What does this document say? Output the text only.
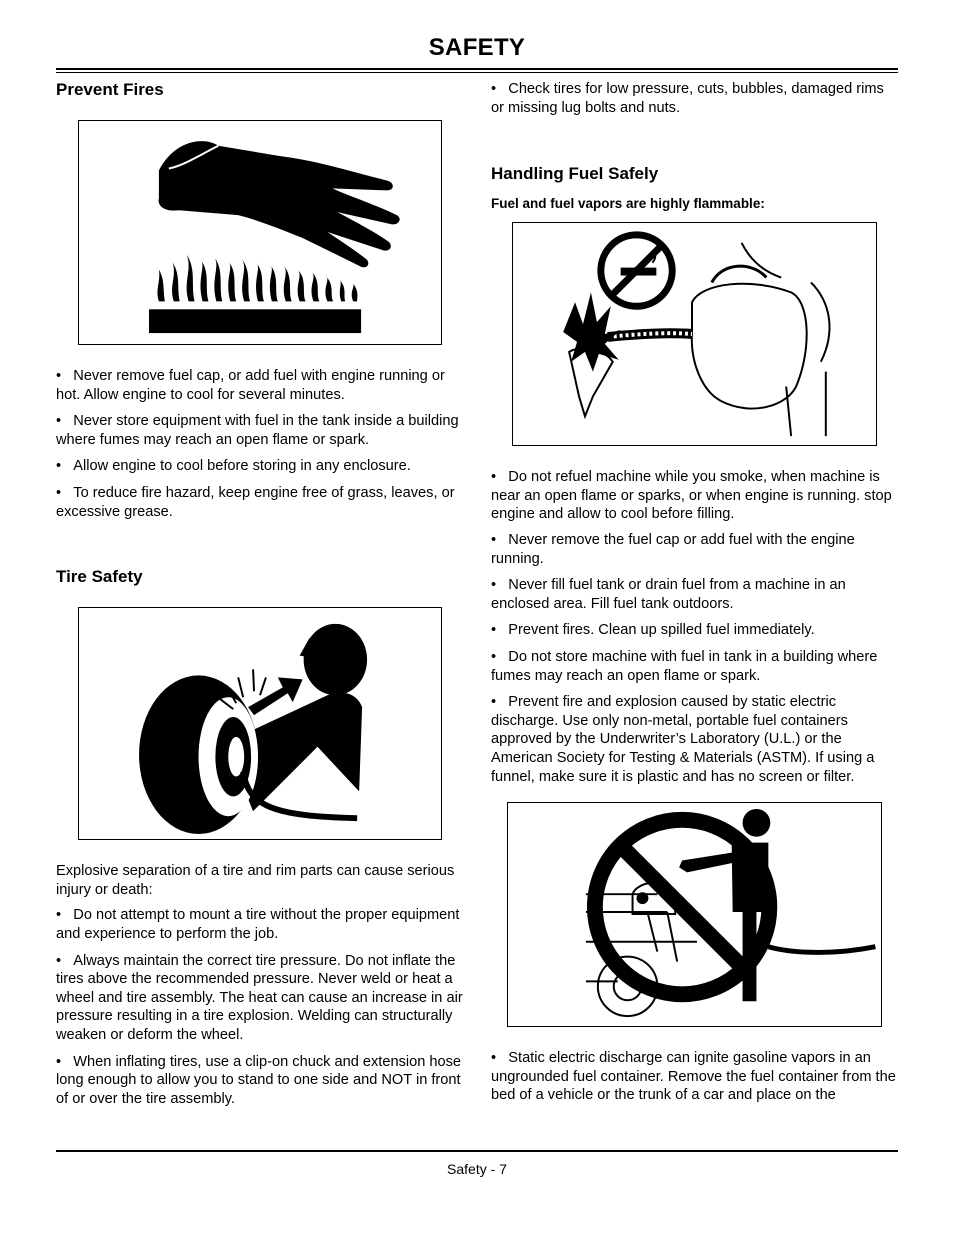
SAFETY
Prevent Fires

•   Never remove fuel cap, or add fuel with engine running or hot. Allow engine to cool for several minutes.

•   Never store equipment with fuel in the tank inside a building where fumes may reach an open flame or spark.

•   Allow engine to cool before storing in any enclosure.

•   To reduce fire hazard, keep engine free of grass, leaves, or excessive grease.

Tire Safety

Explosive separation of a tire and rim parts can cause serious injury or death:

•   Do not attempt to mount a tire without the proper equipment and experience to perform the job.

•   Always maintain the correct tire pressure. Do not inflate the tires above the recommended pressure. Never weld or heat a wheel and tire assembly. The heat can cause an increase in air pressure resulting in a tire explosion. Welding can structurally weaken or deform the wheel.

•   When inflating tires, use a clip-on chuck and extension hose long enough to allow you to stand to one side and NOT in front of or over the tire assembly.

•   Check tires for low pressure, cuts, bubbles, damaged rims or missing lug bolts and nuts.

Handling Fuel Safely
Fuel and fuel vapors are highly flammable:

•   Do not refuel machine while you smoke, when machine is near an open flame or sparks, or when engine is running. stop engine and allow to cool before filling.

•   Never remove the fuel cap or add fuel with the engine running.

•   Never fill fuel tank or drain fuel from a machine in an enclosed area. Fill fuel tank outdoors.

•   Prevent fires. Clean up spilled fuel immediately.

•   Do not store machine with fuel in tank in a building where fumes may reach an open flame or spark.

•   Prevent fire and explosion caused by static electric discharge. Use only non-metal, portable fuel containers approved by the Underwriter’s Laboratory (U.L.) or the American Society for Testing & Materials (ASTM). If using a funnel, make sure it is plastic and has no screen or filter.

•   Static electric discharge can ignite gasoline vapors in an ungrounded fuel container. Remove the fuel container from the bed of a vehicle or the trunk of a car and place on the

Safety - 7
